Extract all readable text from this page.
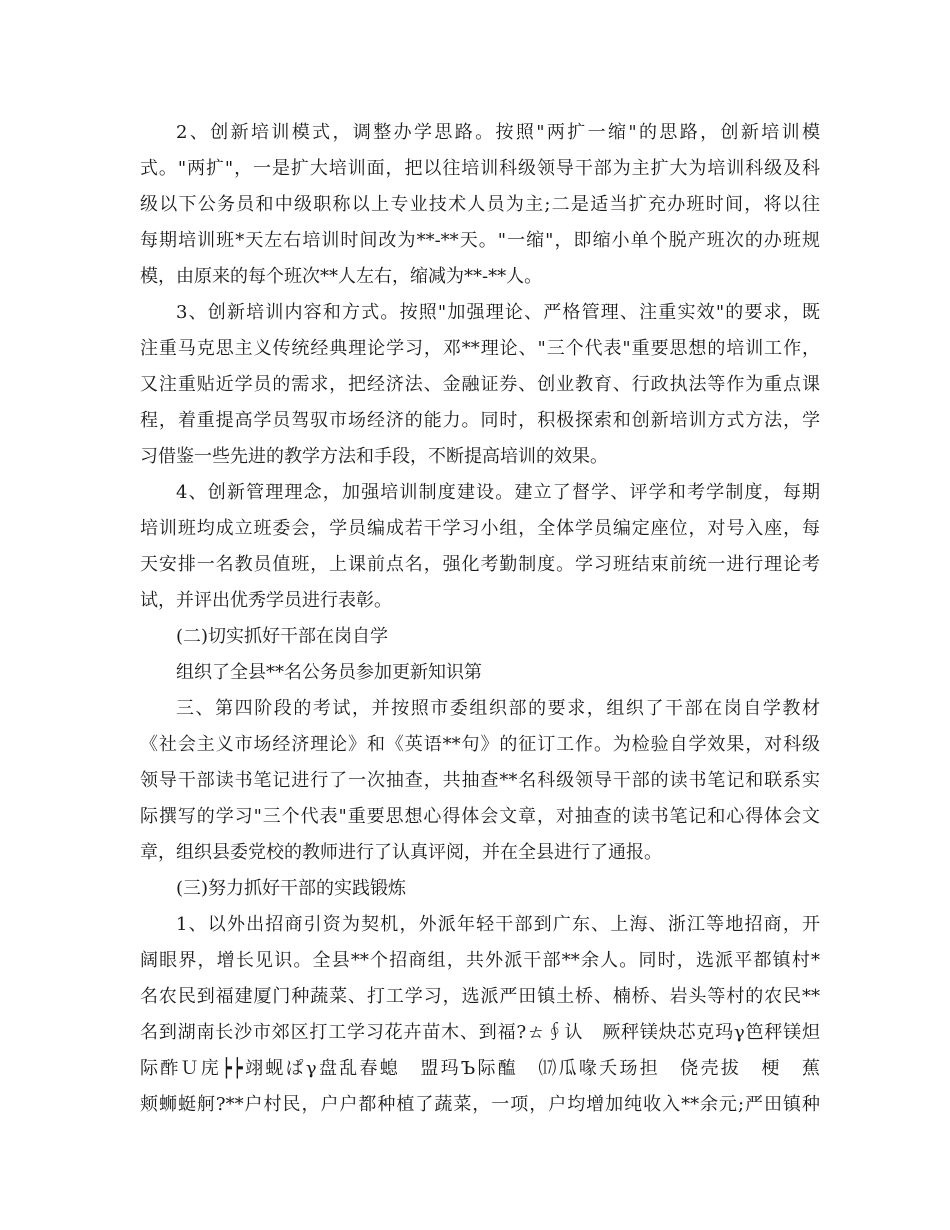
2、创新培训模式，调整办学思路。按照"两扩一缩"的思路，创新培训模
式。"两扩"，一是扩大培训面，把以往培训科级领导干部为主扩大为培训科级及科
级以下公务员和中级职称以上专业技术人员为主;二是适当扩充办班时间，将以往
每期培训班*天左右培训时间改为**-**天。"一缩"，即缩小单个脱产班次的办班规
模，由原来的每个班次**人左右，缩减为**-**人。
3、创新培训内容和方式。按照"加强理论、严格管理、注重实效"的要求，既
注重马克思主义传统经典理论学习，邓**理论、"三个代表"重要思想的培训工作，
又注重贴近学员的需求，把经济法、金融证券、创业教育、行政执法等作为重点课
程，着重提高学员驾驭市场经济的能力。同时，积极探索和创新培训方式方法，学
习借鉴一些先进的教学方法和手段，不断提高培训的效果。
4、创新管理理念，加强培训制度建设。建立了督学、评学和考学制度，每期
培训班均成立班委会，学员编成若干学习小组，全体学员编定座位，对号入座，每
天安排一名教员值班，上课前点名，强化考勤制度。学习班结束前统一进行理论考
试，并评出优秀学员进行表彰。
(二)切实抓好干部在岗自学
组织了全县**名公务员参加更新知识第
三、第四阶段的考试，并按照市委组织部的要求，组织了干部在岗自学教材
《社会主义市场经济理论》和《英语**句》的征订工作。为检验自学效果，对科级
领导干部读书笔记进行了一次抽查，共抽查**名科级领导干部的读书笔记和联系实
际撰写的学习"三个代表"重要思想心得体会文章，对抽查的读书笔记和心得体会文
章，组织县委党校的教师进行了认真评阅，并在全县进行了通报。
(三)努力抓好干部的实践锻炼
1、以外出招商引资为契机，外派年轻干部到广东、上海、浙江等地招商，开
阔眼界，增长见识。全县**个招商组，共外派干部**余人。同时，选派平都镇村*
名农民到福建厦门种蔬菜、打工学习，选派严田镇土桥、楠桥、岩头等村的农民**
名到湖南长沙市郊区打工学习花卉苗木、到福?ㄊ∮认　厥秤镁炔芯克玛γ笆秤镁炟
际酢Ｕ庑┝┝翊蚬ぱγ盘乱春螅　盟玛Ъ际醢　⒄瓜喙夭玚担　侥壳拔　梗　蕉
颊蛳蜓舸?**户村民，户户都种植了蔬菜，一项，户均增加纯收入**余元;严田镇种
